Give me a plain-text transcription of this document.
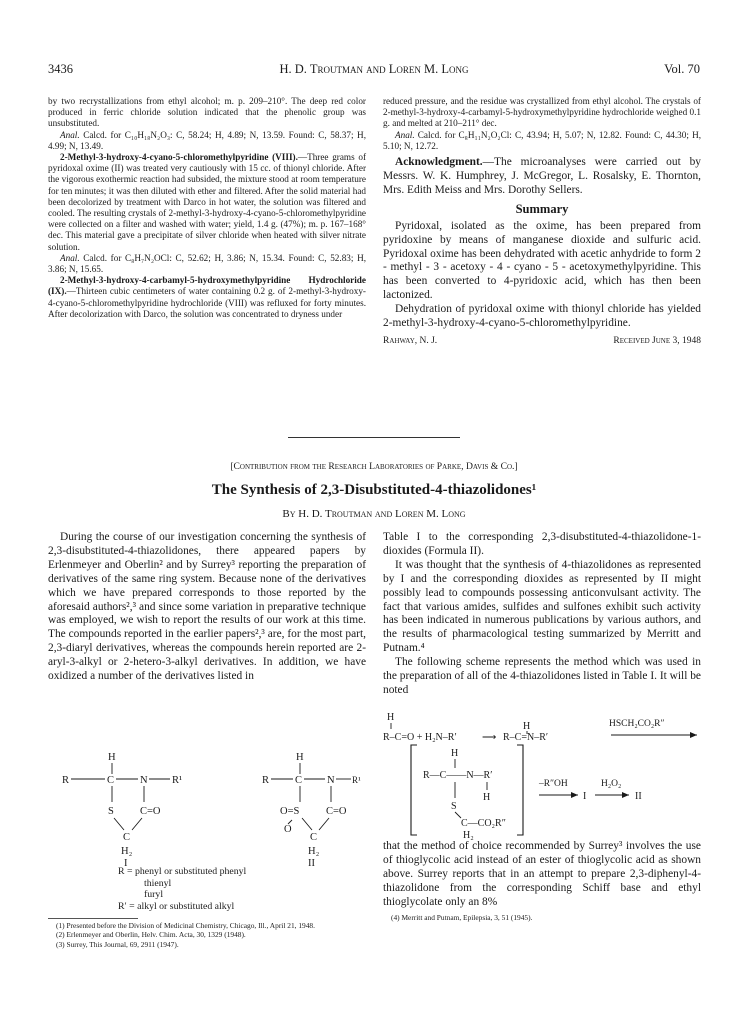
3436	H. D. Troutman and Loren M. Long	Vol. 70

by two recrystallizations from ethyl alcohol; m. p. 209–210°. The deep red color produced in ferric chloride solution indicated that the phenolic group was unsubstituted.

Anal. Calcd. for C₁₀H₁₈N₂O₃: C, 58.24; H, 4.89; N, 13.59. Found: C, 58.37; H, 4.99; N, 13.49.

2-Methyl-3-hydroxy-4-cyano-5-chloromethylpyridine (VIII).—Three grams of pyridoxal oxime (II) was treated very cautiously with 15 cc. of thionyl chloride. After the vigorous exothermic reaction had subsided, the mixture stood at room temperature for ten minutes; it was then diluted with ether and filtered. After the solid material had been decolorized by treatment with Darco in hot water, the solution was filtered and cooled. The resulting crystals of 2-methyl-3-hydroxy-4-cyano-5-chloromethylpyridine were collected on a filter and washed with water; yield, 1.4 g. (47%); m. p. 167–168° dec. This material gave a precipitate of silver chloride when heated with silver nitrate solution.

Anal. Calcd. for C₈H₇N₂OCl: C, 52.62; H, 3.86; N, 15.34. Found: C, 52.83; H, 3.86; N, 15.65.

2-Methyl-3-hydroxy-4-carbamyl-5-hydroxymethylpyridine Hydrochloride (IX).—Thirteen cubic centimeters of water containing 0.2 g. of 2-methyl-3-hydroxy-4-cyano-5-chloromethylpyridine hydrochloride (VIII) was refluxed for forty minutes. After decolorization with Darco, the solution was concentrated to dryness under

reduced pressure, and the residue was crystallized from ethyl alcohol. The crystals of 2-methyl-3-hydroxy-4-carbamyl-5-hydroxymethylpyridine hydrochloride weighed 0.1 g. and melted at 210–211° dec.

Anal. Calcd. for C₈H₁₁N₂O₂Cl: C, 43.94; H, 5.07; N, 12.82. Found: C, 44.30; H, 5.10; N, 12.72.

Acknowledgment.—The microanalyses were carried out by Messrs. W. K. Humphrey, J. McGregor, L. Rosalsky, E. Thornton, Mrs. Edith Meiss and Mrs. Dorothy Sellers.

Summary

Pyridoxal, isolated as the oxime, has been prepared from pyridoxine by means of manganese dioxide and sulfuric acid. Pyridoxal oxime has been dehydrated with acetic anhydride to form 2 - methyl - 3 - acetoxy - 4 - cyano - 5 - acetoxymethylpyridine. This has been converted to 4-pyridoxic acid, which has then been lactonized.

Dehydration of pyridoxal oxime with thionyl chloride has yielded 2-methyl-3-hydroxy-4-cyano-5-chloromethylpyridine.

Rahway, N. J.	Received June 3, 1948
[Contribution from the Research Laboratories of Parke, Davis & Co.]
The Synthesis of 2,3-Disubstituted-4-thiazolidones¹
By H. D. Troutman and Loren M. Long

During the course of our investigation concerning the synthesis of 2,3-disubstituted-4-thiazolidones, there appeared papers by Erlenmeyer and Oberlin² and by Surrey³ reporting the preparation of derivatives of the same ring system. Because none of the derivatives which we have prepared corresponds to those reported by the aforesaid authors²,³ and since some variation in preparative technique was employed, we wish to report the results of our work at this time. The compounds reported in the earlier papers²,³ are, for the most part, 2,3-diaryl derivatives, whereas the compounds herein reported are 2-aryl-3-alkyl or 2-hetero-3-alkyl derivatives. In addition, we have oxidized a number of the derivatives listed in

Table I to the corresponding 2,3-disubstituted-4-thiazolidone-1-dioxides (Formula II).

It was thought that the synthesis of 4-thiazolidones as represented by I and the corresponding dioxides as represented by II might possibly lead to compounds possessing anticonvulsant activity. The fact that various amides, sulfides and sulfones exhibit such activity has been indicated in numerous publications by various authors, and the results of pharmacological testing summarized by Merritt and Putnam.⁴

The following scheme represents the method which was used in the preparation of all of the 4-thiazolidones listed in Table I. It will be noted

H
R	C N R¹
S C=O
C
H₂
I
H
R C N R¹
O=S	C=O
O
C
H₂
II
R = phenyl or substituted phenyl
thienyl
furyl
R′ = alkyl or substituted alkyl
(1) Presented before the Division of Medicinal Chemistry, Chicago, Ill., April 21, 1948.
(2) Erlenmeyer and Oberlin, Helv. Chim. Acta, 30, 1329 (1948).
(3) Surrey, This Journal, 69, 2911 (1947).
H
R–C=O + H₂N–R′	⟶
H
R–C=N–R′
HSCH₂CO₂R″
H
R—C——N—R′
H
S
C—CO₂R″
H₂
–R″OH
I
H₂O₂
II

that the method of choice recommended by Surrey³ involves the use of thioglycolic acid instead of an ester of thioglycolic acid as shown above. Surrey reports that in an attempt to prepare 2,3-diphenyl-4-thiazolidone from the corresponding Schiff base and ethyl thioglycolate only an 8%

(4) Merritt and Putnam, Epilepsia, 3, 51 (1945).
